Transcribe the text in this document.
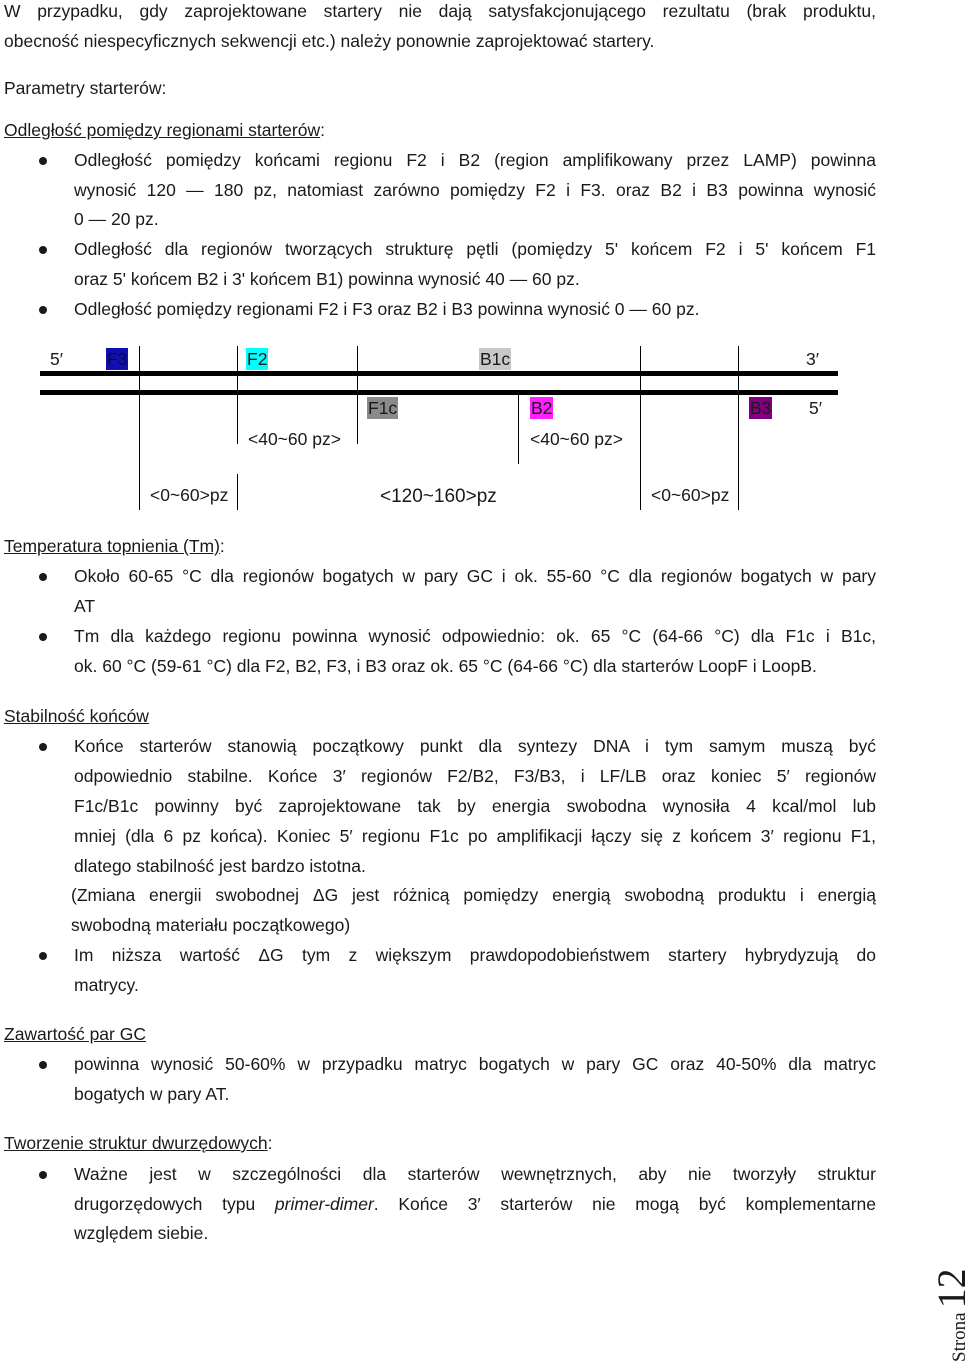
W przypadku, gdy zaprojektowane startery nie dają satysfakcjonującego rezultatu (brak produktu,
obecność niespecyficznych sekwencji etc.) należy ponownie zaprojektować startery.
Parametry starterów:
Odległość pomiędzy regionami starterów:
Odległość pomiędzy końcami regionu F2 i B2 (region amplifikowany przez LAMP) powinna
wynosić 120 — 180 pz, natomiast zarówno pomiędzy F2 i F3. oraz B2 i B3 powinna wynosić
0 — 20 pz.
Odległość dla regionów tworzących strukturę pętli (pomiędzy 5' końcem F2 i 5' końcem F1
oraz 5' końcem B2 i 3' końcem B1) powinna wynosić 40 — 60 pz.
Odległość pomiędzy regionami F2 i F3 oraz B2 i B3 powinna wynosić 0 — 60 pz.
5′	F3	F2	B1c	3′
F1c	B2	B3 5′
<40~60 pz>	<40~60 pz>
<0~60>pz	<120~160>pz	<0~60>pz
Temperatura topnienia (Tm):
Około 60-65 °C dla regionów bogatych w pary GC i ok. 55-60 °C dla regionów bogatych w pary
AT
Tm dla każdego regionu powinna wynosić odpowiednio: ok. 65 °C (64-66 °C) dla F1c i B1c,
ok. 60 °C (59-61 °C) dla F2, B2, F3, i B3 oraz ok. 65 °C (64-66 °C) dla starterów LoopF i LoopB.
Stabilność końców
Końce starterów stanowią początkowy punkt dla syntezy DNA i tym samym muszą być
odpowiednio stabilne. Końce 3′ regionów F2/B2, F3/B3, i LF/LB oraz koniec 5′ regionów
F1c/B1c powinny być zaprojektowane tak by energia swobodna wynosiła 4 kcal/mol lub
mniej (dla 6 pz końca). Koniec 5′ regionu F1c po amplifikacji łączy się z końcem 3′ regionu F1,
dlatego stabilność jest bardzo istotna.
(Zmiana energii swobodnej ΔG jest różnicą pomiędzy energią swobodną produktu i energią
swobodną materiału początkowego)
Im niższa wartość ΔG tym z większym prawdopodobieństwem startery hybrydyzują do
matrycy.
Zawartość par GC
powinna wynosić 50-60% w przypadku matryc bogatych w pary GC oraz 40-50% dla matryc
bogatych w pary AT.
Tworzenie struktur dwurzędowych:
Ważne jest w szczególności dla starterów wewnętrznych, aby nie tworzyły struktur
drugorzędowych typu primer-dimer. Końce 3′ starterów nie mogą być komplementarne
względem siebie.
Strona12
